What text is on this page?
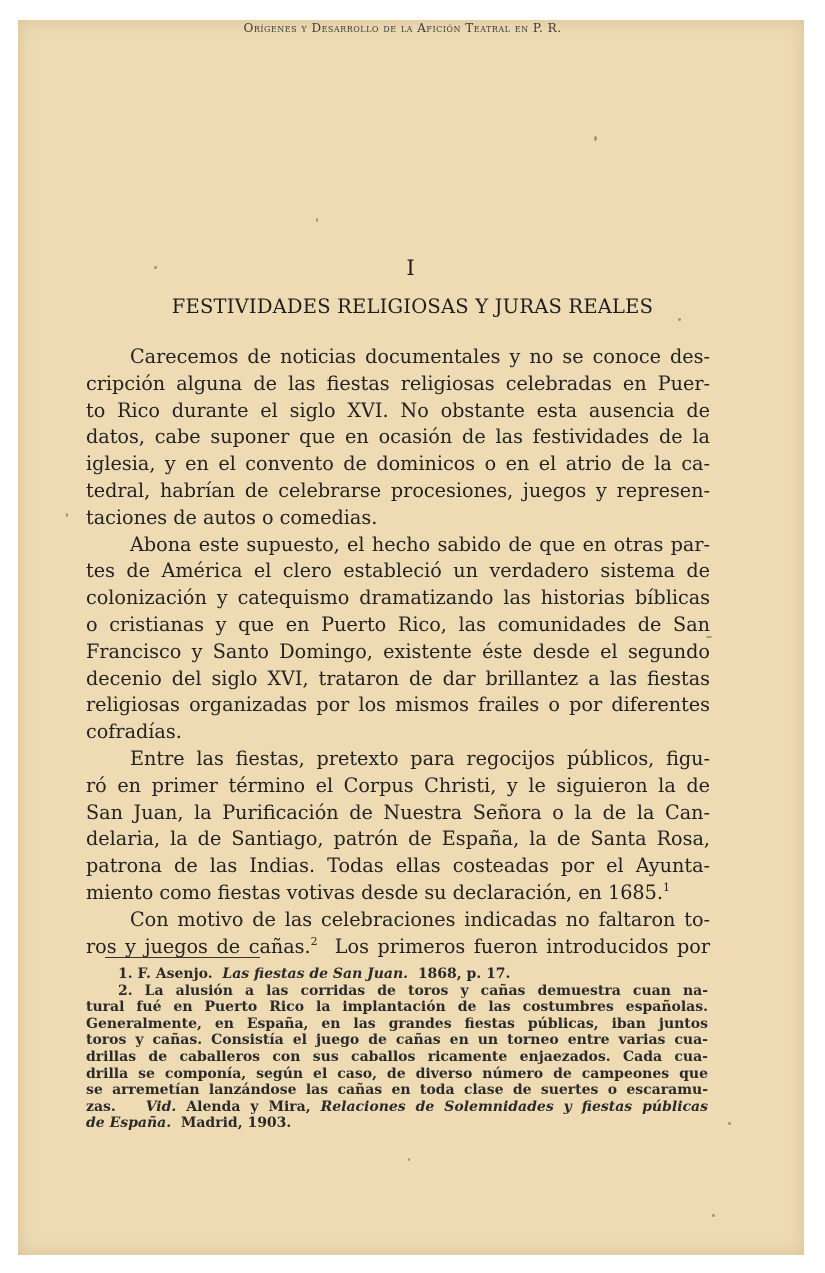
Orígenes y Desarrollo de la Afición Teatral en P. R.
I
FESTIVIDADES RELIGIOSAS Y JURAS REALES
Carecemos de noticias documentales y no se conoce des-
cripción alguna de las fiestas religiosas celebradas en Puer-
to Rico durante el siglo XVI. No obstante esta ausencia de
datos, cabe suponer que en ocasión de las festividades de la
iglesia, y en el convento de dominicos o en el atrio de la ca-
tedral, habrían de celebrarse procesiones, juegos y represen-
taciones de autos o comedias.
Abona este supuesto, el hecho sabido de que en otras par-
tes de América el clero estableció un verdadero sistema de
colonización y catequismo dramatizando las historias bíblicas
o cristianas y que en Puerto Rico, las comunidades de San
Francisco y Santo Domingo, existente éste desde el segundo
decenio del siglo XVI, trataron de dar brillantez a las fiestas
religiosas organizadas por los mismos frailes o por diferentes
cofradías.
Entre las fiestas, pretexto para regocijos públicos, figu-
ró en primer término el Corpus Christi, y le siguieron la de
San Juan, la Purificación de Nuestra Señora o la de la Can-
delaria, la de Santiago, patrón de España, la de Santa Rosa,
patrona de las Indias. Todas ellas costeadas por el Ayunta-
miento como fiestas votivas desde su declaración, en 1685.$^1$
Con motivo de las celebraciones indicadas no faltaron to-
ros y juegos de cañas.$^2$ Los primeros fueron introducidos por
1. F. Asenjo. Las fiestas de San Juan. 1868, p. 17.
2. La alusión a las corridas de toros y cañas demuestra cuan na-
tural fué en Puerto Rico la implantación de las costumbres españolas.
Generalmente, en España, en las grandes fiestas públicas, iban juntos
toros y cañas. Consistía el juego de cañas en un torneo entre varias cua-
drillas de caballeros con sus caballos ricamente enjaezados. Cada cua-
drilla se componía, según el caso, de diverso número de campeones que
se arremetían lanzándose las cañas en toda clase de suertes o escaramu-
zas. Vid. Alenda y Mira, Relaciones de Solemnidades y fiestas públicas
de España. Madrid, 1903.
